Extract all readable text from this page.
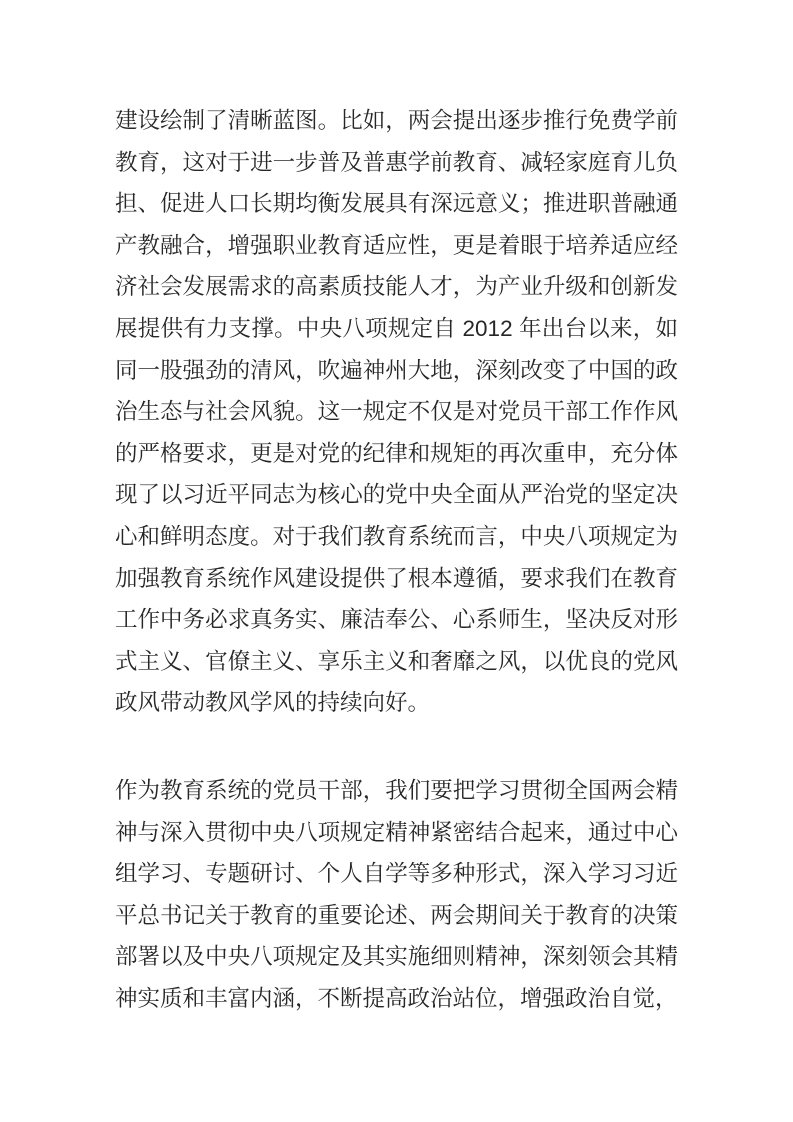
建设绘制了清晰蓝图。比如，两会提出逐步推行免费学前教育，这对于进一步普及普惠学前教育、减轻家庭育儿负担、促进人口长期均衡发展具有深远意义；推进职普融通产教融合，增强职业教育适应性，更是着眼于培养适应经济社会发展需求的高素质技能人才，为产业升级和创新发展提供有力支撑。中央八项规定自 2012 年出台以来，如同一股强劲的清风，吹遍神州大地，深刻改变了中国的政治生态与社会风貌。这一规定不仅是对党员干部工作作风的严格要求，更是对党的纪律和规矩的再次重申，充分体现了以习近平同志为核心的党中央全面从严治党的坚定决心和鲜明态度。对于我们教育系统而言，中央八项规定为加强教育系统作风建设提供了根本遵循，要求我们在教育工作中务必求真务实、廉洁奉公、心系师生，坚决反对形式主义、官僚主义、享乐主义和奢靡之风，以优良的党风政风带动教风学风的持续向好。

作为教育系统的党员干部，我们要把学习贯彻全国两会精神与深入贯彻中央八项规定精神紧密结合起来，通过中心组学习、专题研讨、个人自学等多种形式，深入学习习近平总书记关于教育的重要论述、两会期间关于教育的决策部署以及中央八项规定及其实施细则精神，深刻领会其精神实质和丰富内涵，不断提高政治站位，增强政治自觉，
